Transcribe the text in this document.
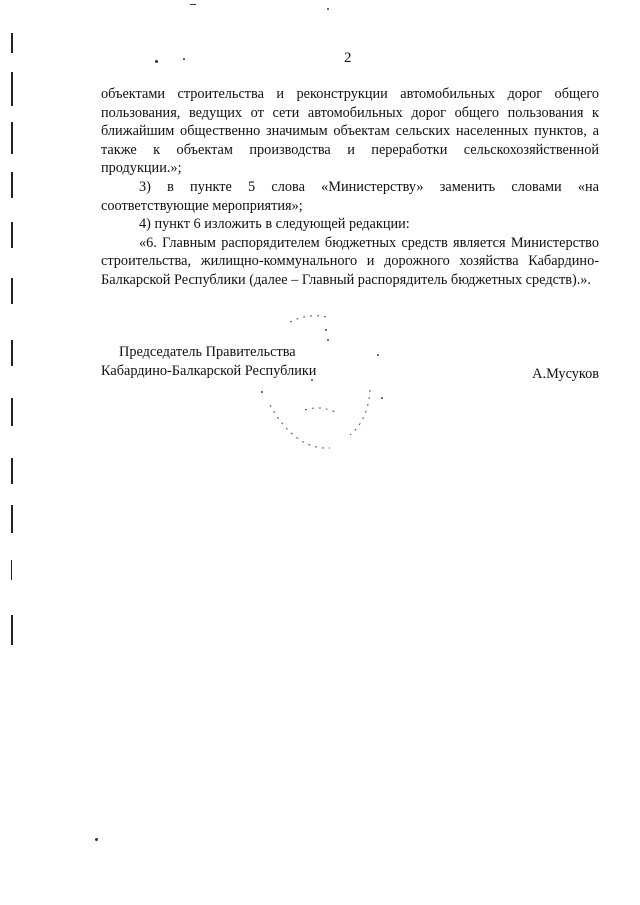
2

объектами строительства и реконструкции автомобильных дорог общего пользования, ведущих от сети автомобильных дорог общего пользования к ближайшим общественно значимым объектам сельских населенных пунктов, а также к объектам производства и переработки сельскохозяйственной продукции.»;

3) в пункте 5 слова «Министерству» заменить словами «на соответствующие мероприятия»;

4) пункт 6 изложить в следующей редакции:

«6. Главным распорядителем бюджетных средств является Министерство строительства, жилищно-коммунального и дорожного хозяйства Кабардино-Балкарской Республики (далее – Главный распорядитель бюджетных средств).».

Председатель Правительства
Кабардино-Балкарской Республики	А.Мусуков
